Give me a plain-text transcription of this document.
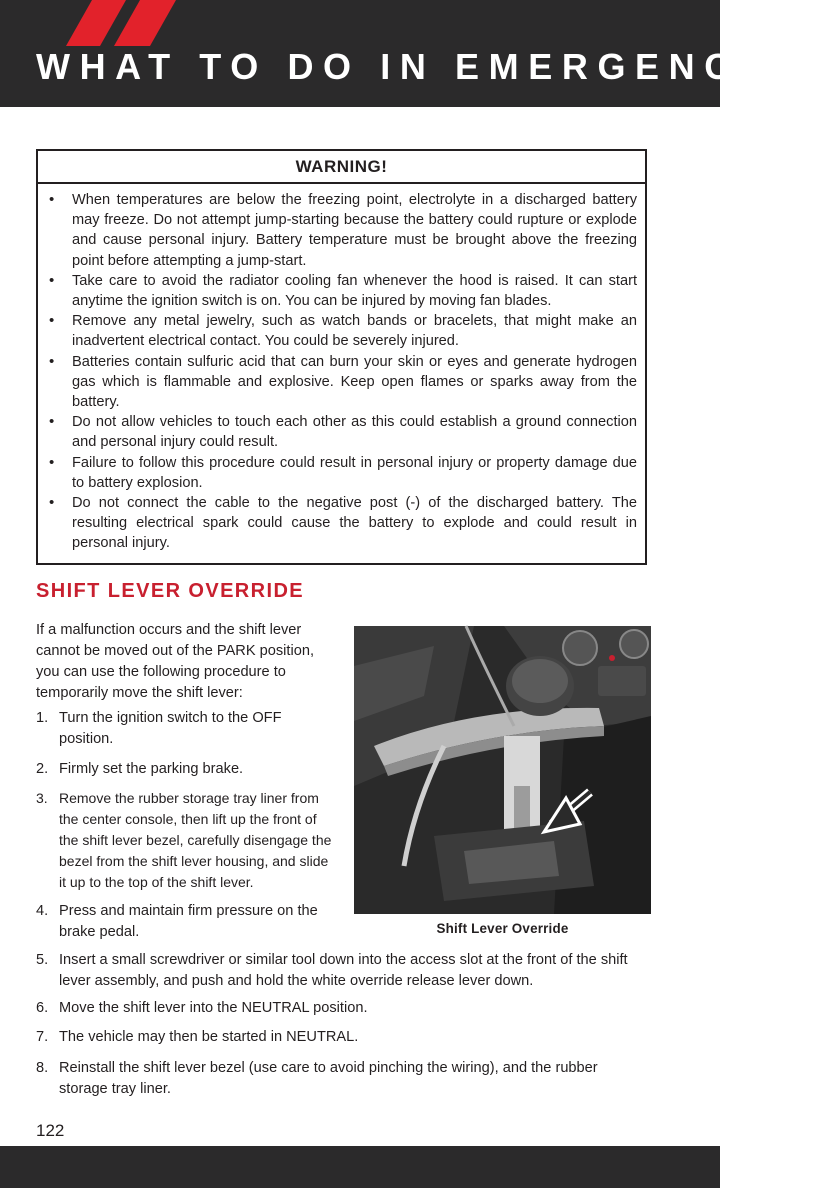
WHAT TO DO IN EMERGENCIES
WARNING!
• When temperatures are below the freezing point, electrolyte in a discharged battery may freeze. Do not attempt jump-starting because the battery could rupture or explode and cause personal injury. Battery temperature must be brought above the freezing point before attempting a jump-start.
• Take care to avoid the radiator cooling fan whenever the hood is raised. It can start anytime the ignition switch is on. You can be injured by moving fan blades.
• Remove any metal jewelry, such as watch bands or bracelets, that might make an inadvertent electrical contact. You could be severely injured.
• Batteries contain sulfuric acid that can burn your skin or eyes and generate hydrogen gas which is flammable and explosive. Keep open flames or sparks away from the battery.
• Do not allow vehicles to touch each other as this could establish a ground connection and personal injury could result.
• Failure to follow this procedure could result in personal injury or property damage due to battery explosion.
• Do not connect the cable to the negative post (-) of the discharged battery. The resulting electrical spark could cause the battery to explode and could result in personal injury.
SHIFT LEVER OVERRIDE

If a malfunction occurs and the shift lever cannot be moved out of the PARK position, you can use the following procedure to temporarily move the shift lever:

1. Turn the ignition switch to the OFF position.
2. Firmly set the parking brake.
3. Remove the rubber storage tray liner from the center console, then lift up the front of the shift lever bezel, carefully disengage the bezel from the shift lever housing, and slide it up to the top of the shift lever.
4. Press and maintain firm pressure on the brake pedal.
5. Insert a small screwdriver or similar tool down into the access slot at the front of the shift lever assembly, and push and hold the white override release lever down.
6. Move the shift lever into the NEUTRAL position.
7. The vehicle may then be started in NEUTRAL.
8. Reinstall the shift lever bezel (use care to avoid pinching the wiring), and the rubber storage tray liner.
Shift Lever Override
122
